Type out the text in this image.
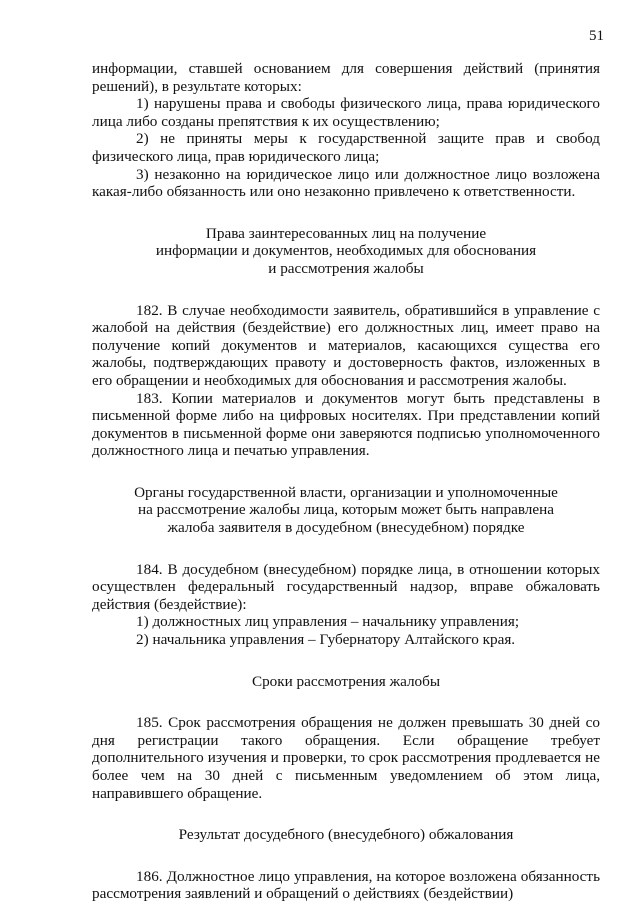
51

информации, ставшей основанием для совершения действий (принятия решений), в результате которых:

1) нарушены права и свободы физического лица, права юридического лица либо созданы препятствия к их осуществлению;

2) не приняты меры к государственной защите прав и свобод физического лица, прав юридического лица;

3) незаконно на юридическое лицо или должностное лицо возложена какая-либо обязанность или оно незаконно привлечено к ответственности.

Права заинтересованных лиц на получение
информации и документов, необходимых для обоснования
и рассмотрения жалобы

182. В случае необходимости заявитель, обратившийся в управление с жалобой на действия (бездействие) его должностных лиц, имеет право на получение копий документов и материалов, касающихся существа его жалобы, подтверждающих правоту и достоверность фактов, изложенных в его обращении и необходимых для обоснования и рассмотрения жалобы.

183. Копии материалов и документов могут быть представлены в письменной форме либо на цифровых носителях. При представлении копий документов в письменной форме они заверяются подписью уполномоченного должностного лица и печатью управления.

Органы государственной власти, организации и уполномоченные
на рассмотрение жалобы лица, которым может быть направлена
жалоба заявителя в досудебном (внесудебном) порядке

184. В досудебном (внесудебном) порядке лица, в отношении которых осуществлен федеральный государственный надзор, вправе обжаловать действия (бездействие):

1) должностных лиц управления – начальнику управления;

2) начальника управления – Губернатору Алтайского края.

Сроки рассмотрения жалобы

185. Срок рассмотрения обращения не должен превышать 30 дней со дня регистрации такого обращения. Если обращение требует дополнительного изучения и проверки, то срок рассмотрения продлевается не более чем на 30 дней с письменным уведомлением об этом лица, направившего обращение.

Результат досудебного (внесудебного) обжалования

186. Должностное лицо управления, на которое возложена обязанность рассмотрения заявлений и обращений о действиях (бездействии)
